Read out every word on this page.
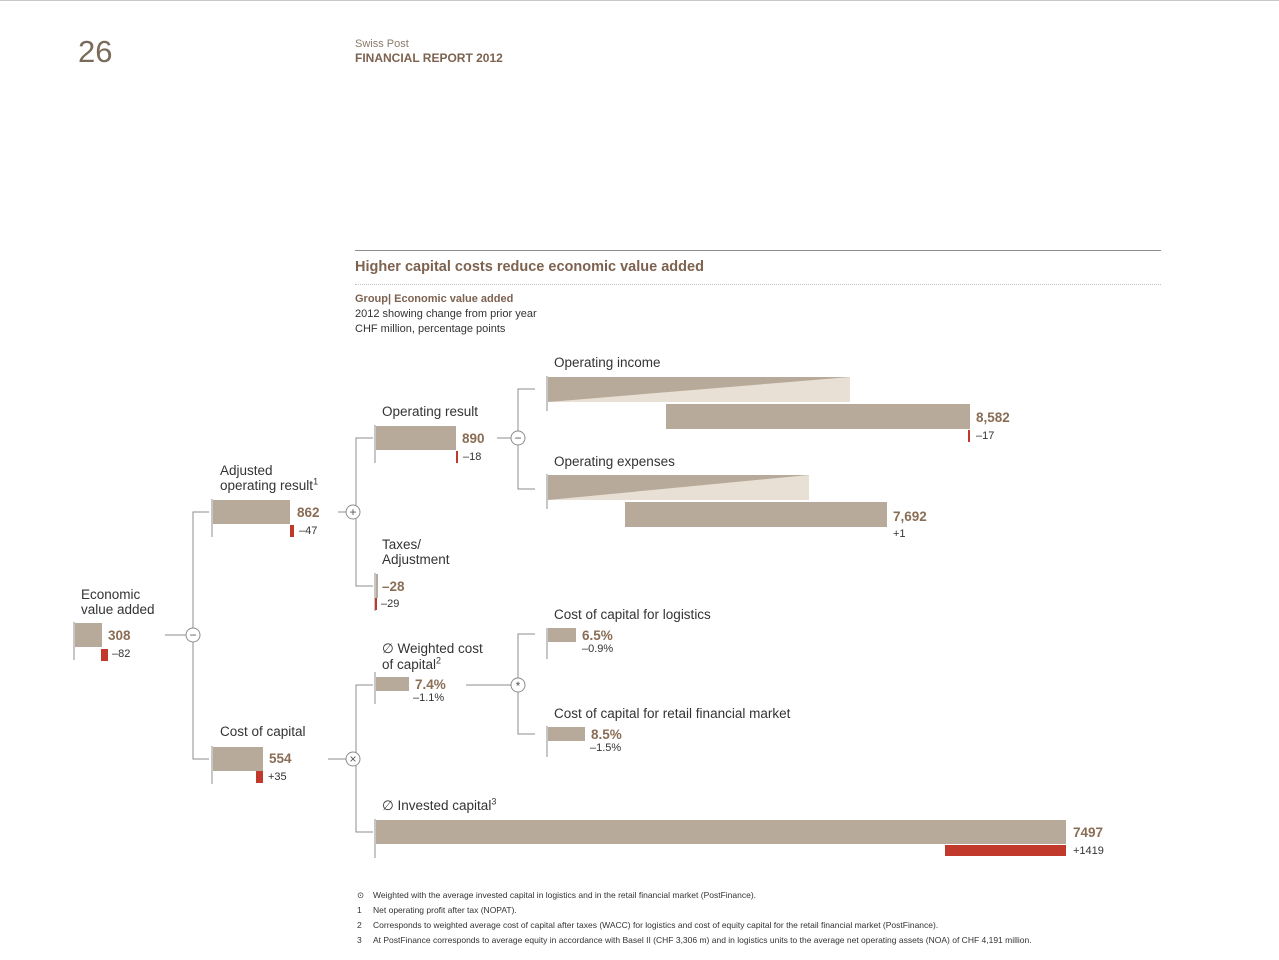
26	Swiss Post
FINANCIAL REPORT 2012
Higher capital costs reduce economic value added
Group| Economic value added
2012 showing change from prior year
CHF million, percentage points
−
+
×
−
*
Economic
value added
308
–82
Adjusted
operating result$^1$
862
–47
Cost of capital
554
+35
Operating result
890
–18
Taxes/
Adjustment
–28
–29
∅ Weighted cost
of capital$^2$
7.4%
–1.1%
∅ Invested capital$^3$
7497
+1419
Operating income
8,582
–17
Operating expenses
7,692
+1
Cost of capital for logistics
6.5%
–0.9%
Cost of capital for retail financial market
8.5%
–1.5%
⊙ Weighted with the average invested capital in logistics and in the retail financial market (PostFinance).
1 Net operating profit after tax (NOPAT).
2 Corresponds to weighted average cost of capital after taxes (WACC) for logistics and cost of equity capital for the retail financial market (PostFinance).
3 At PostFinance corresponds to average equity in accordance with Basel II (CHF 3,306 m) and in logistics units to the average net operating assets (NOA) of CHF 4,191 million.
